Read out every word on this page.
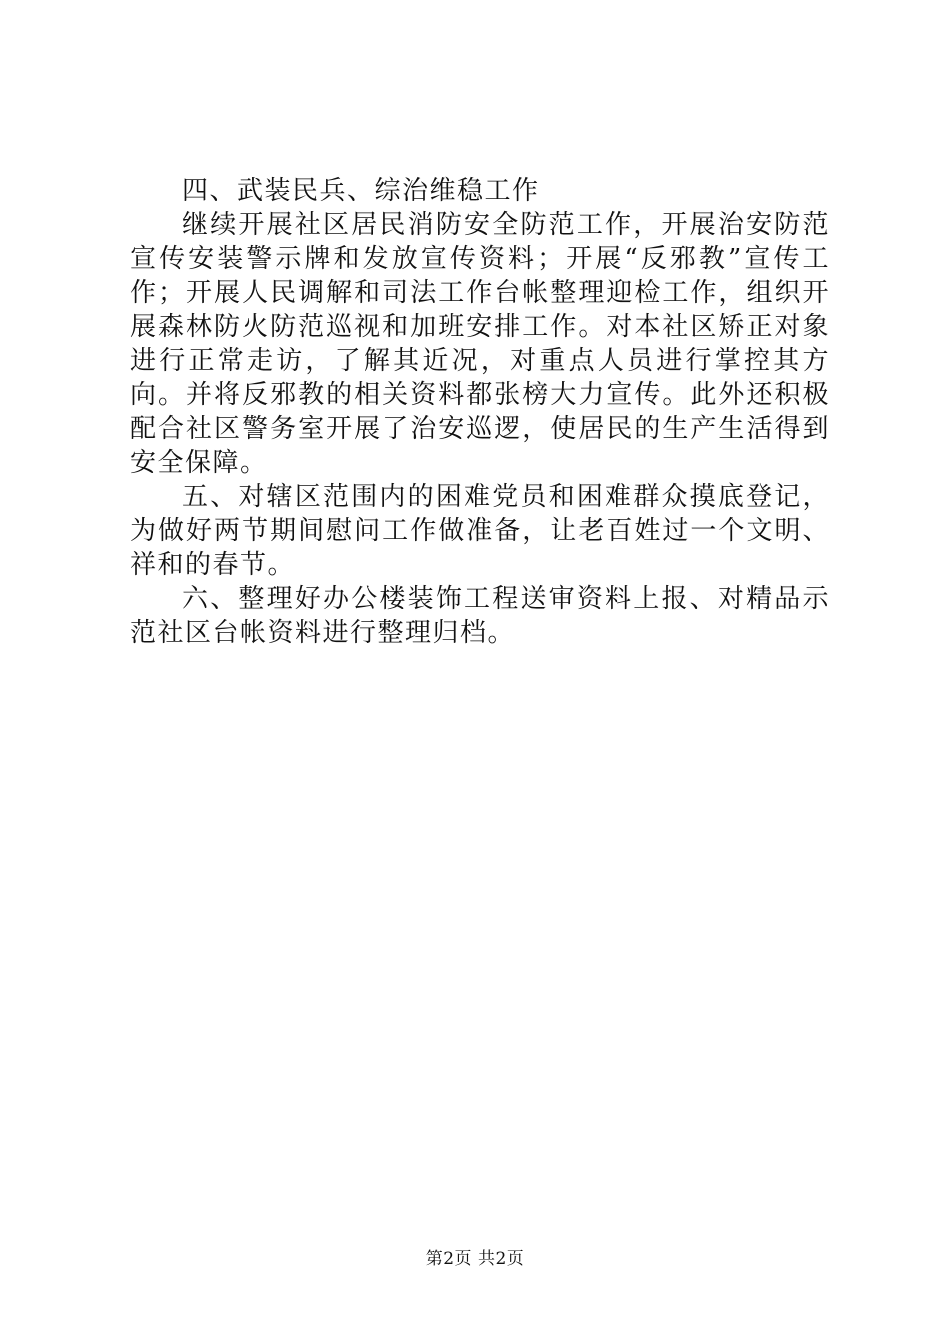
四、武装民兵、综治维稳工作

继续开展社区居民消防安全防范工作，开展治安防范宣传安装警示牌和发放宣传资料；开展“反邪教”宣传工作；开展人民调解和司法工作台帐整理迎检工作，组织开展森林防火防范巡视和加班安排工作。对本社区矫正对象进行正常走访，了解其近况，对重点人员进行掌控其方向。并将反邪教的相关资料都张榜大力宣传。此外还积极配合社区警务室开展了治安巡逻，使居民的生产生活得到安全保障。

五、对辖区范围内的困难党员和困难群众摸底登记，为做好两节期间慰问工作做准备，让老百姓过一个文明、祥和的春节。

六、整理好办公楼装饰工程送审资料上报、对精品示范社区台帐资料进行整理归档。

第2页 共2页
